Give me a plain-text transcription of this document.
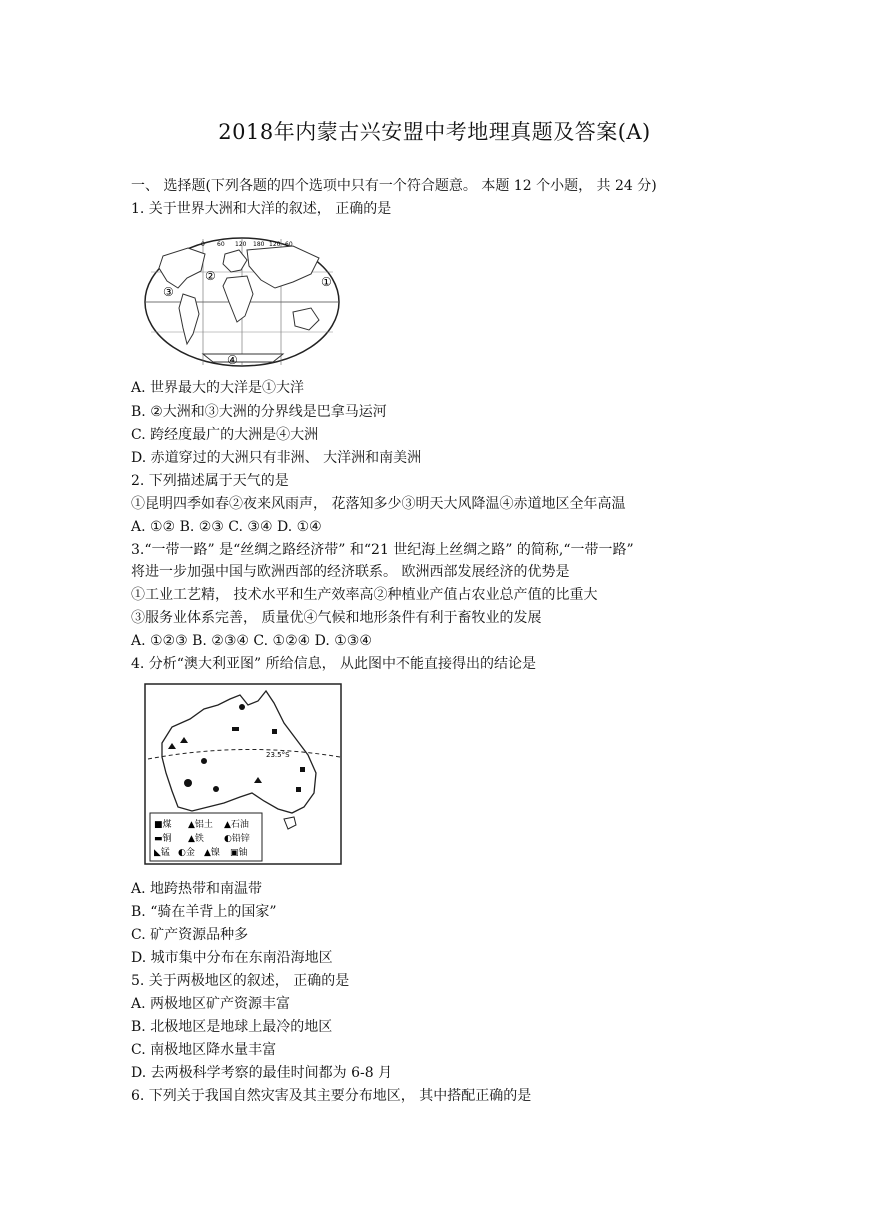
2018年内蒙古兴安盟中考地理真题及答案(A)
一、 选择题(下列各题的四个选项中只有一个符合题意。 本题 12 个小题， 共 24 分)
1. 关于世界大洲和大洋的叙述， 正确的是
0 60 120 180 120 60
②
③
①
④
A. 世界最大的大洋是①大洋
B. ②大洲和③大洲的分界线是巴拿马运河
C. 跨经度最广的大洲是④大洲
D. 赤道穿过的大洲只有非洲、 大洋洲和南美洲
2. 下列描述属于天气的是
①昆明四季如春②夜来风雨声， 花落知多少③明天大风降温④赤道地区全年高温
A. ①② B. ②③ C. ③④ D. ①④
3.“一带一路” 是“丝绸之路经济带” 和“21 世纪海上丝绸之路” 的简称,“一带一路”
将进一步加强中国与欧洲西部的经济联系。 欧洲西部发展经济的优势是
①工业工艺精， 技术水平和生产效率高②种植业产值占农业总产值的比重大
③服务业体系完善， 质量优④气候和地形条件有利于畜牧业的发展
A. ①②③ B. ②③④ C. ①②④ D. ①③④
4. 分析“澳大利亚图” 所给信息， 从此图中不能直接得出的结论是
23.5°S
■煤 ▲铝土 ▲石油
▬铜 ▲铁 ◐铅锌
◣锰 ◐金 ▲镍 ▣铀
A. 地跨热带和南温带
B. “骑在羊背上的国家”
C. 矿产资源品种多
D. 城市集中分布在东南沿海地区
5. 关于两极地区的叙述， 正确的是
A. 两极地区矿产资源丰富
B. 北极地区是地球上最冷的地区
C. 南极地区降水量丰富
D. 去两极科学考察的最佳时间都为 6-8 月
6. 下列关于我国自然灾害及其主要分布地区， 其中搭配正确的是
